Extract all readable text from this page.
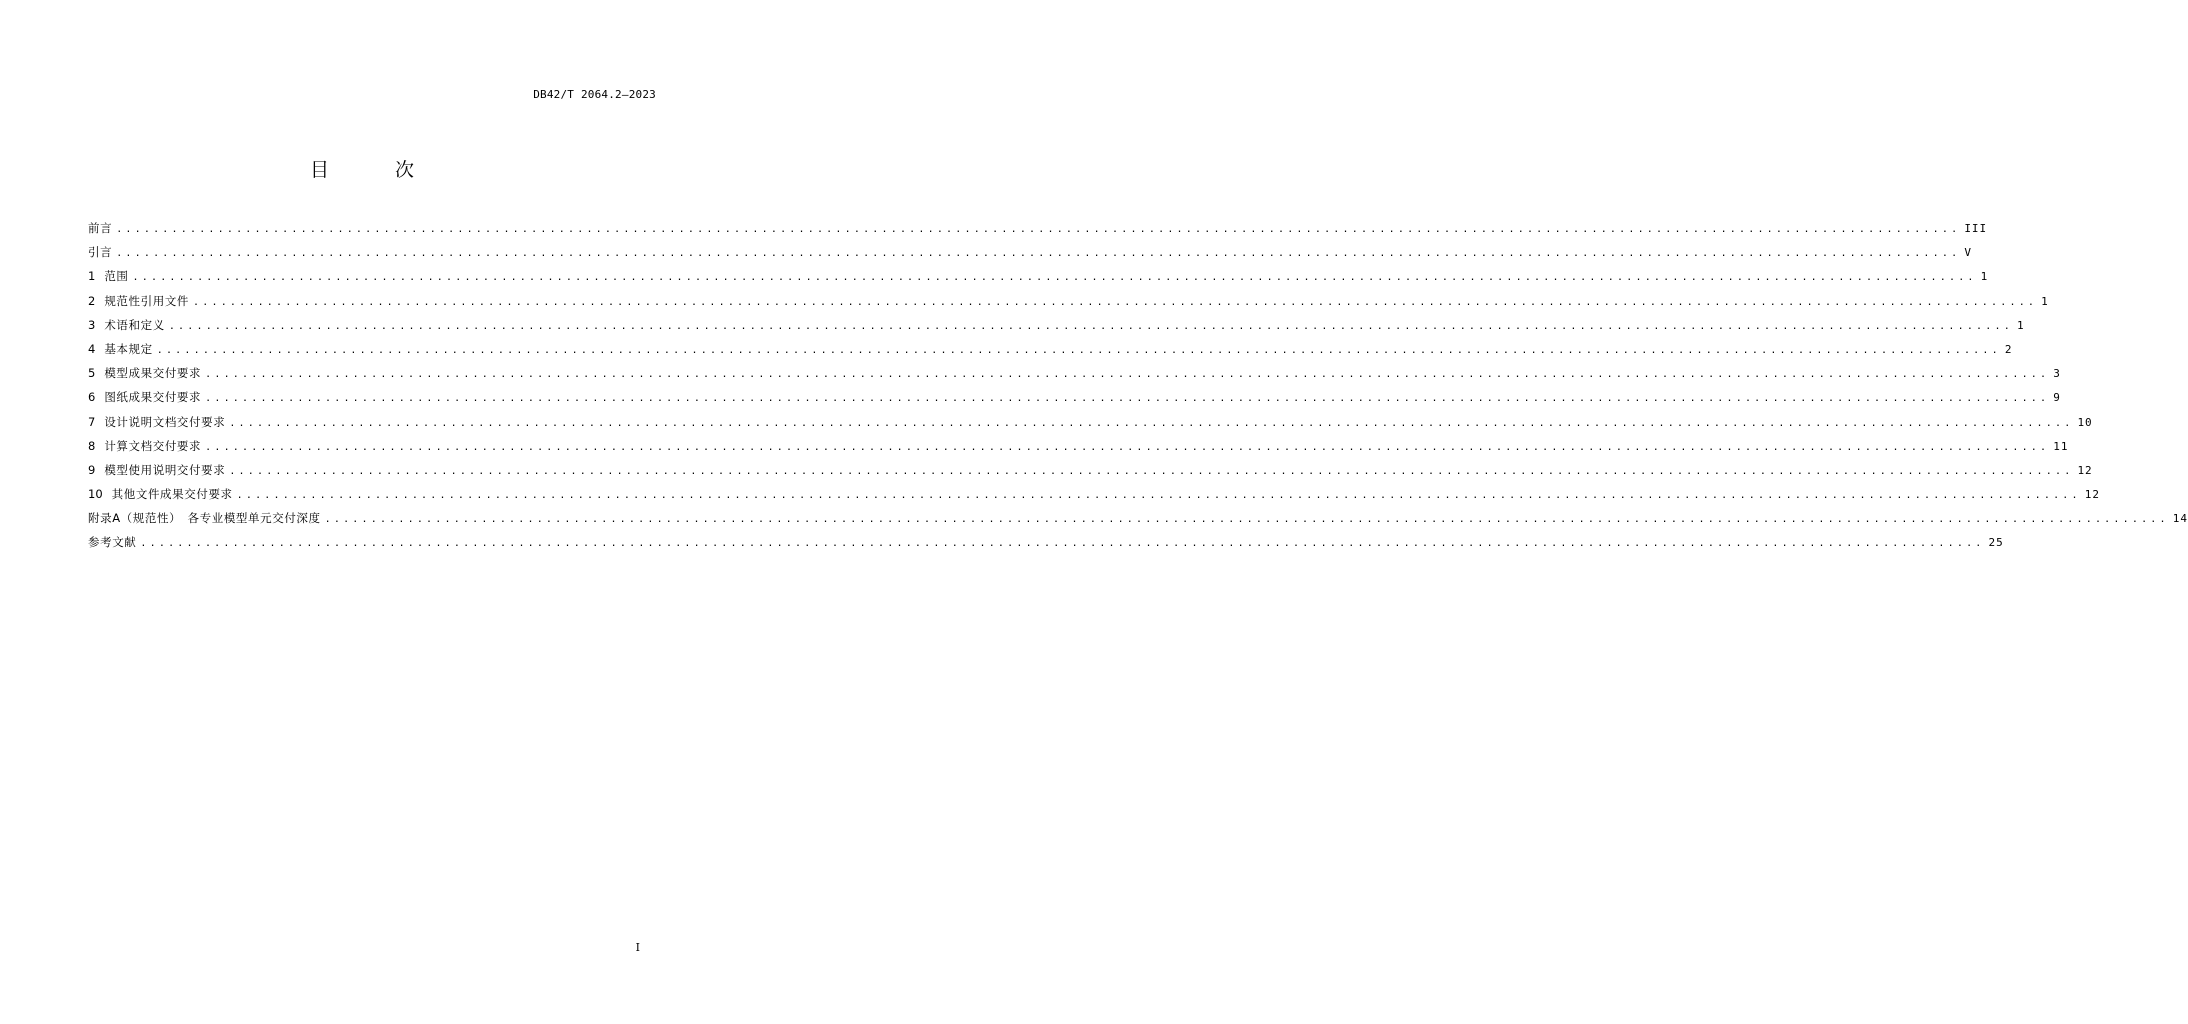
DB42/T 2064.2—2023
目 次
前言 ........................................................................................................................................................................................................ III
引言 ........................................................................................................................................................................................................ V
1 范围 ........................................................................................................................................................................................................ 1
2 规范性引用文件 ........................................................................................................................................................................................................ 1
3 术语和定义 ........................................................................................................................................................................................................ 1
4 基本规定 ........................................................................................................................................................................................................ 2
5 模型成果交付要求 ........................................................................................................................................................................................................ 3
6 图纸成果交付要求 ........................................................................................................................................................................................................ 9
7 设计说明文档交付要求 ........................................................................................................................................................................................................ 10
8 计算文档交付要求 ........................................................................................................................................................................................................ 11
9 模型使用说明交付要求 ........................................................................................................................................................................................................ 12
10 其他文件成果交付要求 ........................................................................................................................................................................................................ 12
附录A（规范性）　各专业模型单元交付深度 ........................................................................................................................................................................................................ 14
参考文献 ........................................................................................................................................................................................................ 25
I
